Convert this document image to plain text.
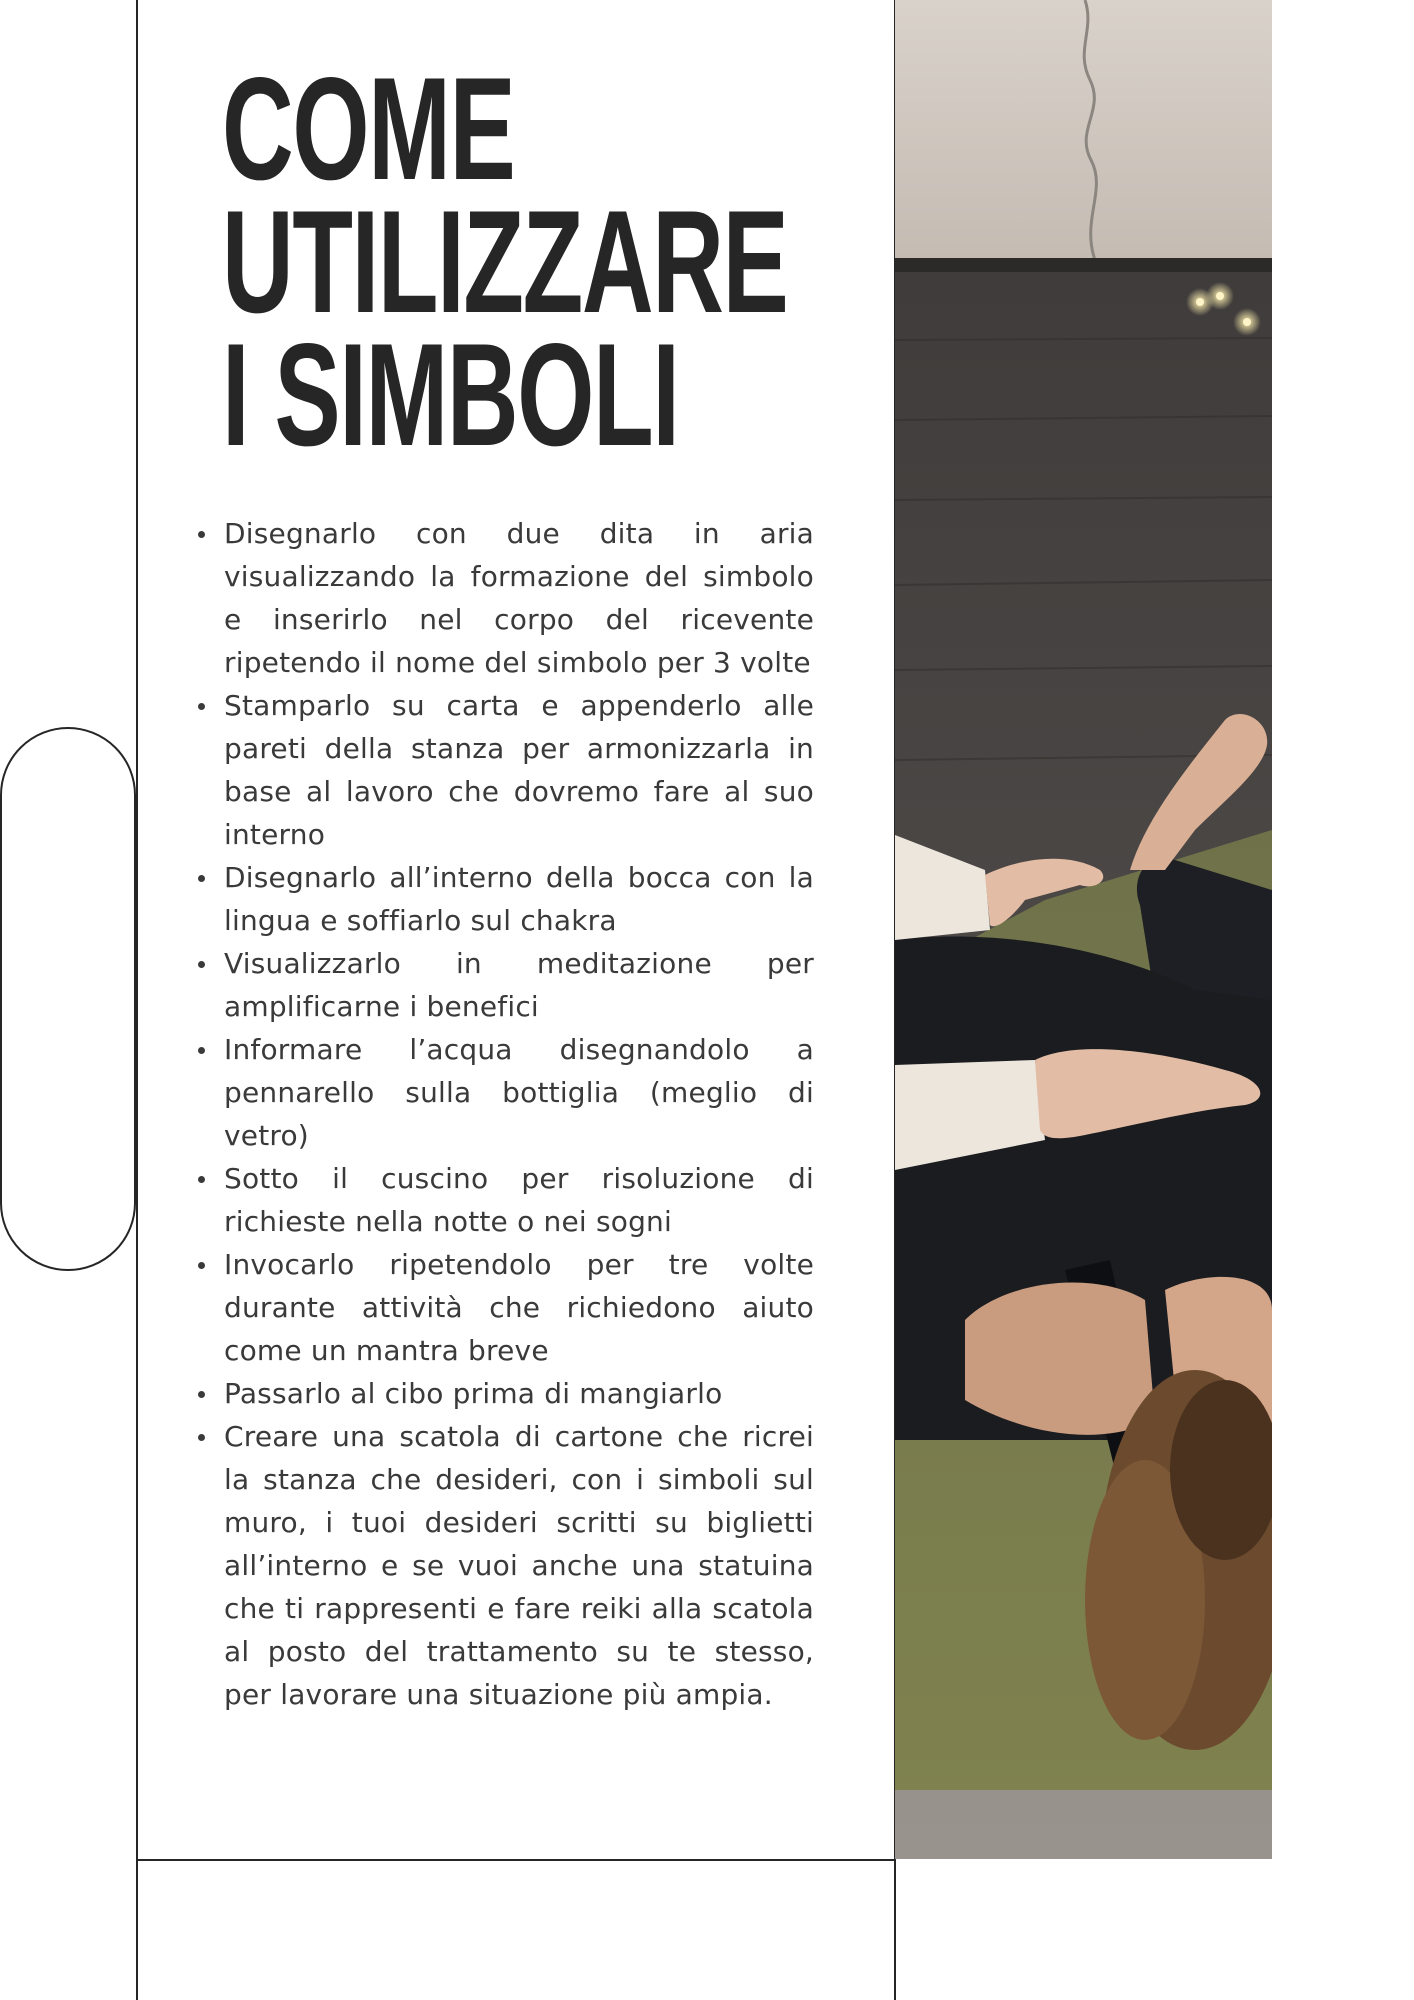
COME
UTILIZZARE
I SIMBOLI
Disegnarlo con due dita in aria visualizzando la formazione del simbolo e inserirlo nel corpo del ricevente ripetendo il nome del simbolo per 3 volte
Stamparlo su carta e appenderlo alle pareti della stanza per armonizzarla in base al lavoro che dovremo fare al suo interno
Disegnarlo all’interno della bocca con la lingua e soffiarlo sul chakra
Visualizzarlo in meditazione per amplificarne i benefici
Informare l’acqua disegnandolo a pennarello sulla bottiglia (meglio di vetro)
Sotto il cuscino per risoluzione di richieste nella notte o nei sogni
Invocarlo ripetendolo per tre volte durante attività che richiedono aiuto come un mantra breve
Passarlo al cibo prima di mangiarlo
Creare una scatola di cartone che ricrei la stanza che desideri, con i simboli sul muro, i tuoi desideri scritti su biglietti all’interno e se vuoi anche una statuina che ti rappresenti e fare reiki alla scatola al posto del trattamento su te stesso, per lavorare una situazione più ampia.
